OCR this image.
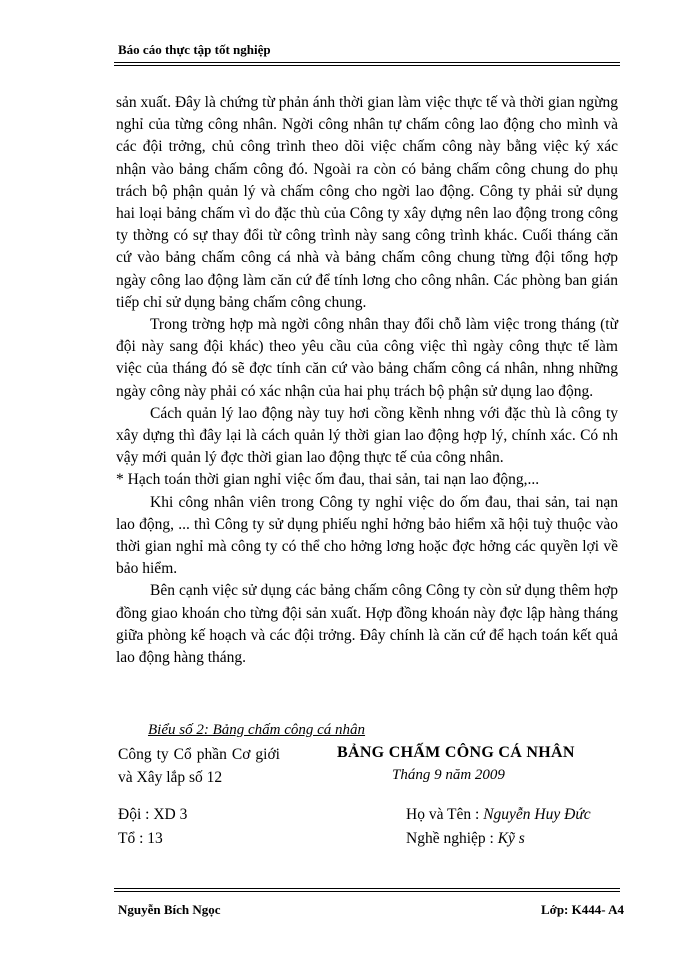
Báo cáo thực tập tốt nghiệp

sản xuất. Đây là chứng từ phản ánh thời gian làm việc thực tế và thời gian ngừng nghỉ của từng công nhân. Ngời công nhân tự chấm công lao động cho mình và các đội trởng, chủ công trình theo dõi việc chấm công này bằng việc ký xác nhận vào bảng chấm công đó. Ngoài ra còn có bảng chấm công chung do phụ trách bộ phận quản lý và chấm công cho ngời lao động. Công ty phải sử dụng hai loại bảng chấm vì do đặc thù của Công ty xây dựng nên lao động trong công ty thờng có sự thay đổi từ công trình này sang công trình khác. Cuối tháng căn cứ vào bảng chấm công cá nhà và bảng chấm công chung từng đội tổng hợp ngày công lao động làm căn cứ để tính lơng cho công nhân. Các phòng ban gián tiếp chỉ sử dụng bảng chấm công chung.

Trong trờng hợp mà ngời công nhân thay đổi chỗ làm việc trong tháng (từ đội này sang đội khác) theo yêu cầu của công việc thì ngày công thực tế làm việc của tháng đó sẽ đợc tính căn cứ vào bảng chấm công cá nhân, nhng những ngày công này phải có xác nhận của hai phụ trách bộ phận sử dụng lao động.

Cách quản lý lao động này tuy hơi cồng kềnh nhng với đặc thù là công ty xây dựng thì đây lại là cách quản lý thời gian lao động hợp lý, chính xác. Có nh vậy mới quản lý đợc thời gian lao động thực tế của công nhân.

* Hạch toán thời gian nghỉ việc ốm đau, thai sản, tai nạn lao động,...

Khi công nhân viên trong Công ty nghỉ việc do ốm đau, thai sản, tai nạn lao động, ... thì Công ty sử dụng phiếu nghỉ hởng bảo hiểm xã hội tuỳ thuộc vào thời gian nghỉ mà công ty có thể cho hởng lơng hoặc đợc hởng các quyền lợi về bảo hiểm.

Bên cạnh việc sử dụng các bảng chấm công Công ty còn sử dụng thêm hợp đồng giao khoán cho từng đội sản xuất. Hợp đồng khoán này đợc lập hàng tháng giữa phòng kế hoạch và các đội trởng. Đây chính là căn cứ để hạch toán kết quả lao động hàng tháng.

Biểu số 2: Bảng chấm công cá nhân
Công ty Cổ phần Cơ giới và Xây lắp số 12
BẢNG CHẤM CÔNG CÁ NHÂN
Tháng 9 năm 2009
Đội : XD 3
Tổ : 13
Họ và Tên : Nguyễn Huy Đức
Nghề nghiệp : Kỹ s
Nguyễn Bích Ngọc	Lớp: K444- A4
